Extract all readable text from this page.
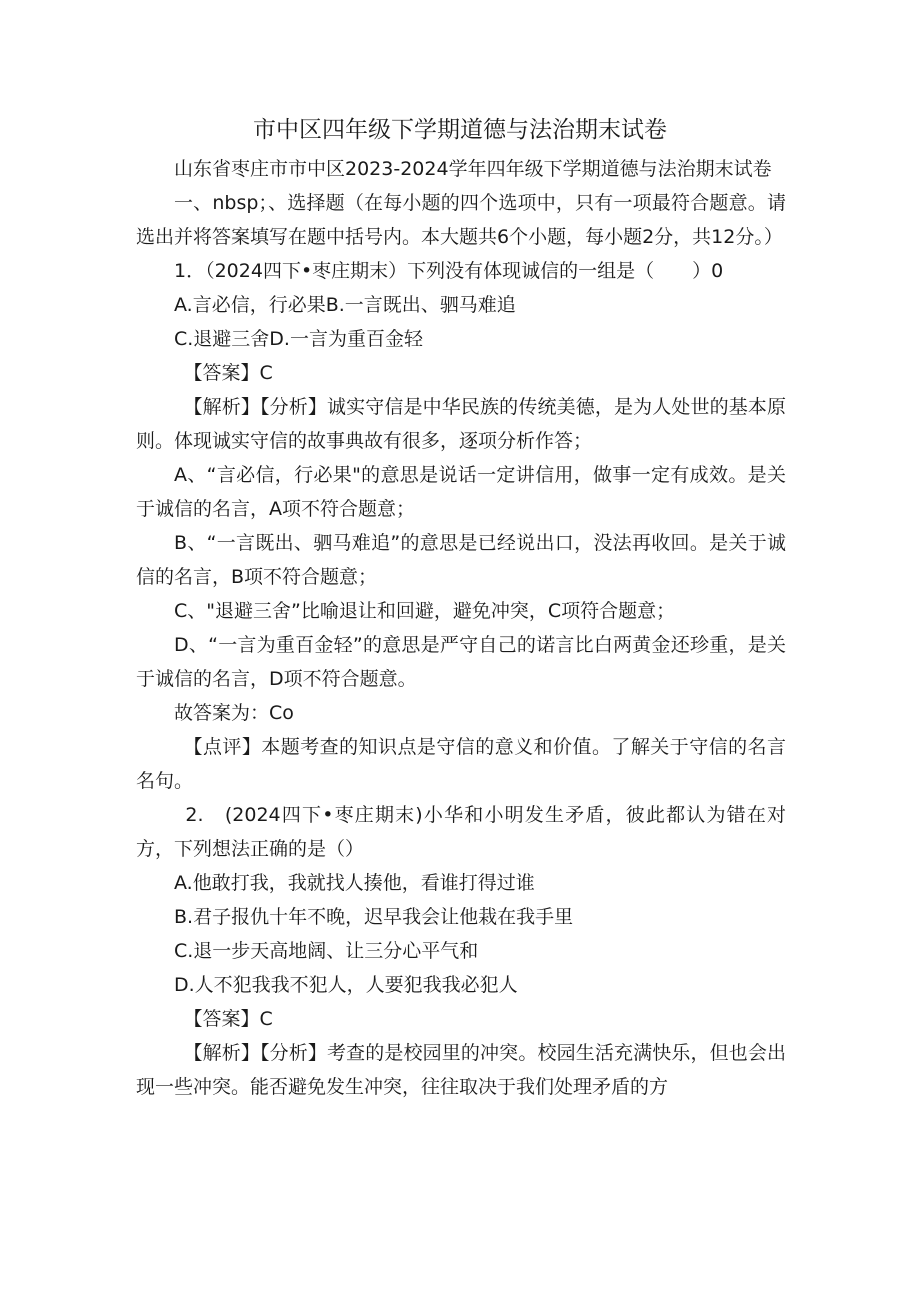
市中区四年级下学期道德与法治期末试卷

山东省枣庄市市中区2023-2024学年四年级下学期道德与法治期末试卷

一、nbsp；、选择题（在每小题的四个选项中，只有一项最符合题意。请选出并将答案填写在题中括号内。本大题共6个小题，每小题2分，共12分。）

1．（2024四下•枣庄期末）下列没有体现诚信的一组是（　　）0

A.言必信，行必果B.一言既出、驷马难追

C.退避三舍D.一言为重百金轻

【答案】C

【解析】【分析】诚实守信是中华民族的传统美德，是为人处世的基本原则。体现诚实守信的故事典故有很多，逐项分析作答；

A、“言必信，行必果"的意思是说话一定讲信用，做事一定有成效。是关于诚信的名言，A项不符合题意；

B、“一言既出、驷马难追”的意思是已经说出口，没法再收回。是关于诚信的名言，B项不符合题意；

C、"退避三舍”比喻退让和回避，避免冲突，C项符合题意；

D、“一言为重百金轻”的意思是严守自己的诺言比白两黄金还珍重，是关于诚信的名言，D项不符合题意。

故答案为：Co

【点评】本题考查的知识点是守信的意义和价值。了解关于守信的名言名句。

2.　(2024四下•枣庄期末)小华和小明发生矛盾，彼此都认为错在对方，下列想法正确的是（）

A.他敢打我，我就找人揍他，看谁打得过谁

B.君子报仇十年不晚，迟早我会让他栽在我手里

C.退一步天高地阔、让三分心平气和

D.人不犯我我不犯人，人要犯我我必犯人

【答案】C

【解析】【分析】考查的是校园里的冲突。校园生活充满快乐，但也会出现一些冲突。能否避免发生冲突，往往取决于我们处理矛盾的方
